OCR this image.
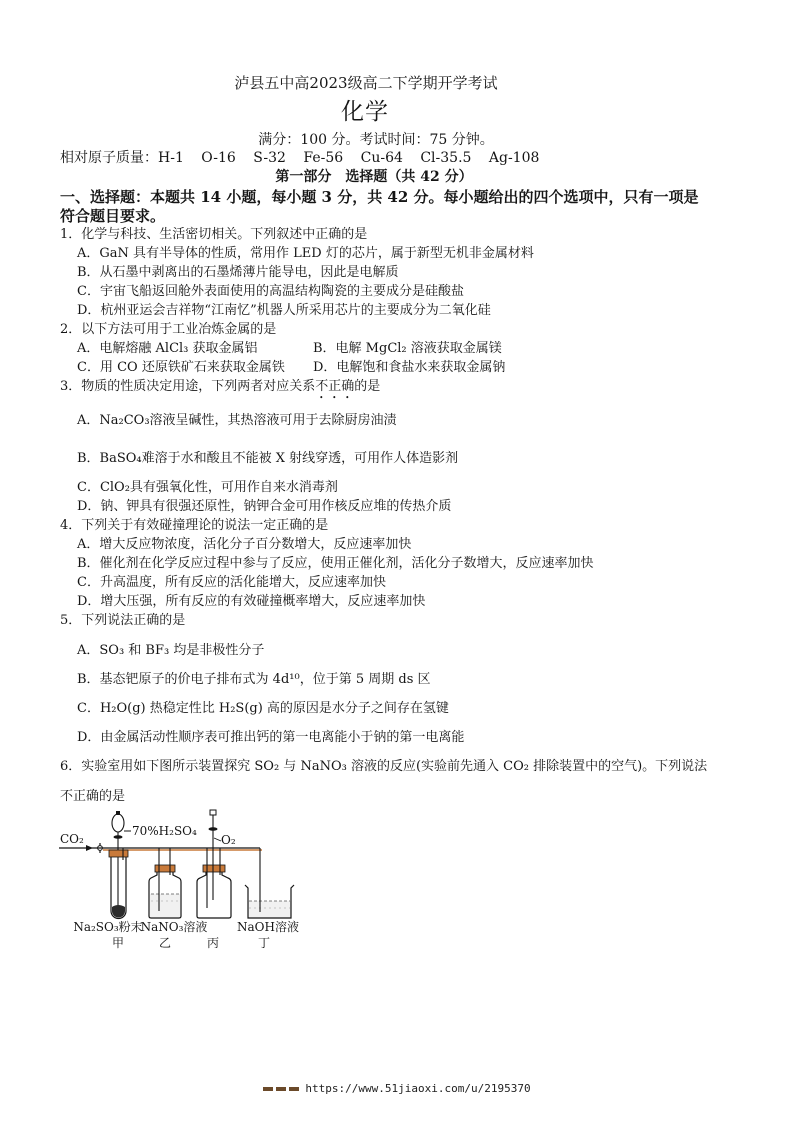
泸县五中高2023级高二下学期开学考试
化学
满分：100 分。考试时间：75 分钟。
相对原子质量：H-1 O-16 S-32 Fe-56 Cu-64 Cl-35.5 Ag-108
第一部分 选择题（共 42 分）
一、选择题：本题共 14 小题，每小题 3 分，共 42 分。每小题给出的四个选项中，只有一项是
符合题目要求。
1．化学与科技、生活密切相关。下列叙述中正确的是
A．GaN 具有半导体的性质，常用作 LED 灯的芯片，属于新型无机非金属材料
B．从石墨中剥离出的石墨烯薄片能导电，因此是电解质
C．宇宙飞船返回舱外表面使用的高温结构陶瓷的主要成分是硅酸盐
D．杭州亚运会吉祥物“江南忆”机器人所采用芯片的主要成分为二氧化硅
2．以下方法可用于工业冶炼金属的是
A．电解熔融 AlCl₃ 获取金属铝	B．电解 MgCl₂ 溶液获取金属镁
C．用 CO 还原铁矿石来获取金属铁 D．电解饱和食盐水来获取金属钠
3．物质的性质决定用途，下列两者对应关系不正确的是
A．Na₂CO₃溶液呈碱性，其热溶液可用于去除厨房油渍
B．BaSO₄难溶于水和酸且不能被 X 射线穿透，可用作人体造影剂
C．ClO₂具有强氧化性，可用作自来水消毒剂
D．钠、钾具有很强还原性，钠钾合金可用作核反应堆的传热介质
4．下列关于有效碰撞理论的说法一定正确的是
A．增大反应物浓度，活化分子百分数增大，反应速率加快
B．催化剂在化学反应过程中参与了反应，使用正催化剂，活化分子数增大，反应速率加快
C．升高温度，所有反应的活化能增大，反应速率加快
D．增大压强，所有反应的有效碰撞概率增大，反应速率加快
5．下列说法正确的是
A．SO₃ 和 BF₃ 均是非极性分子
B．基态钯原子的价电子排布式为 4d¹⁰，位于第 5 周期 ds 区
C．H₂O(g) 热稳定性比 H₂S(g) 高的原因是水分子之间存在氢键
D．由金属活动性顺序表可推出钙的第一电离能小于钠的第一电离能
6．实验室用如下图所示装置探究 SO₂ 与 NaNO₃ 溶液的反应(实验前先通入 CO₂ 排除装置中的空气)。下列说法
不正确的是
CO₂
70%H₂SO₄
O₂
Na₂SO₃粉末
NaNO₃溶液 NaOH溶液
甲	乙	丙	丁
https://www.51jiaoxi.com/u/2195370
